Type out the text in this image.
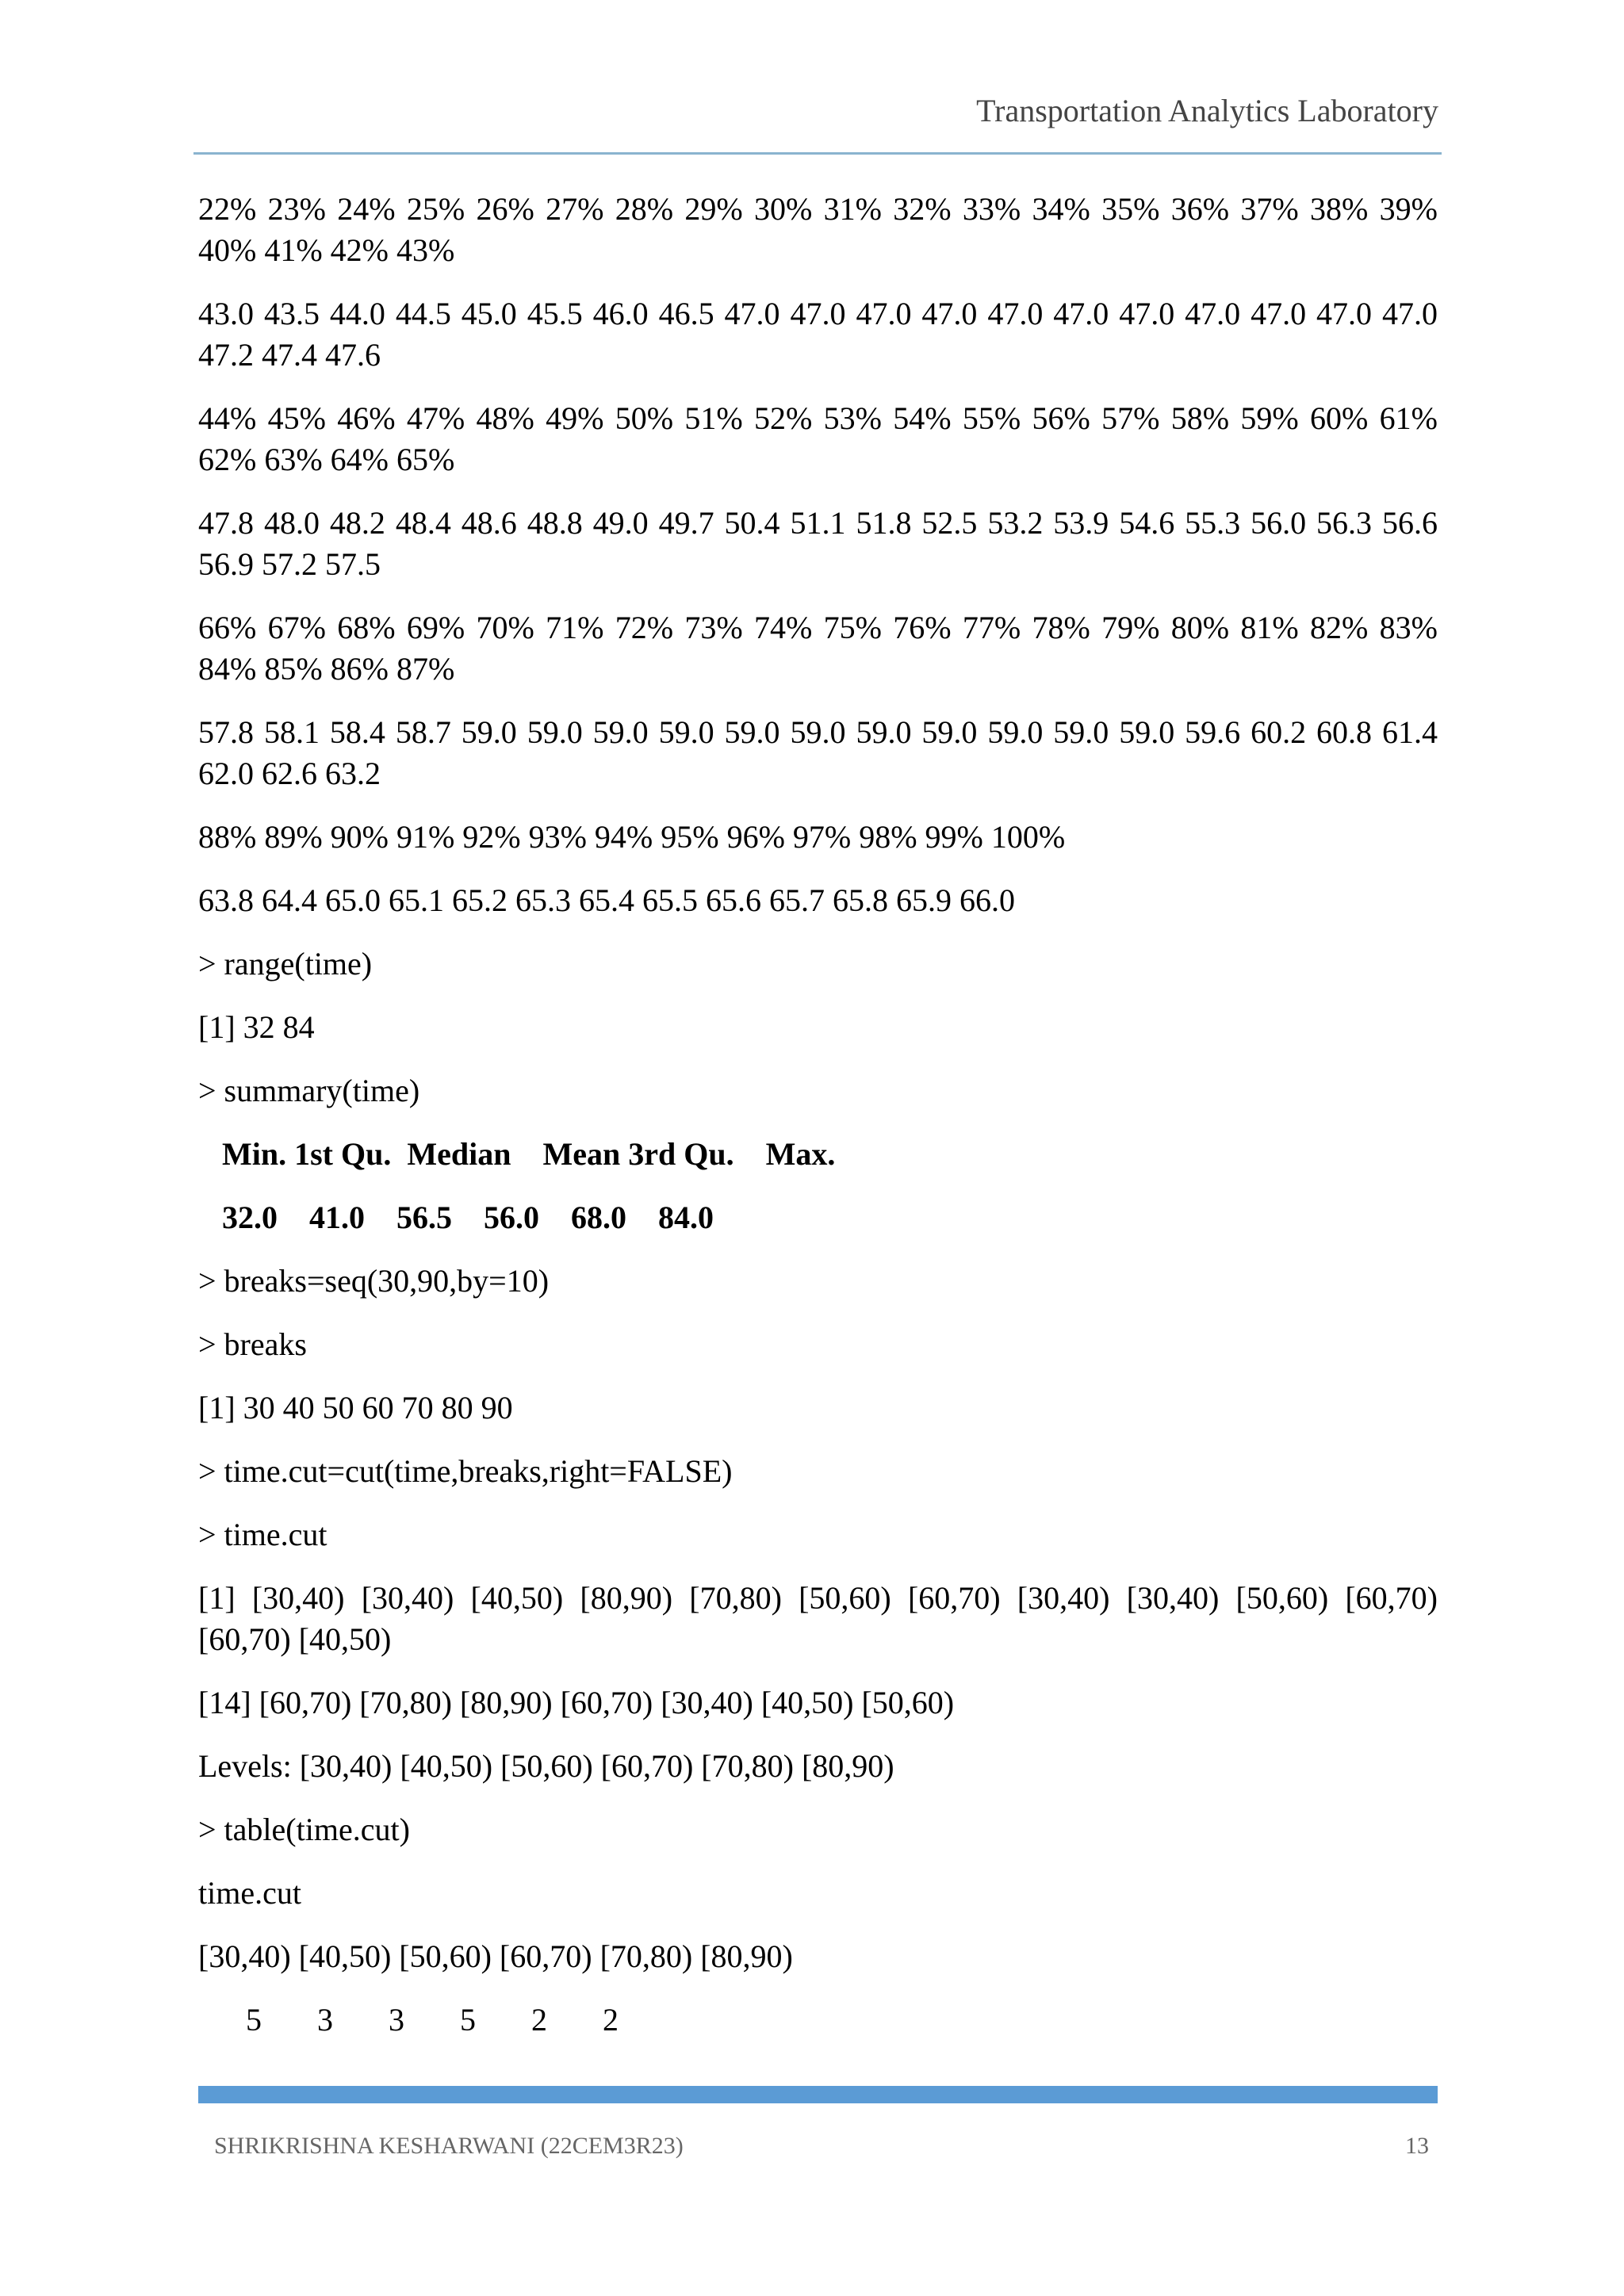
Transportation Analytics Laboratory
22% 23% 24% 25% 26% 27% 28% 29% 30% 31% 32% 33% 34% 35% 36% 37% 38% 39% 40% 41% 42% 43%
43.0 43.5 44.0 44.5 45.0 45.5 46.0 46.5 47.0 47.0 47.0 47.0 47.0 47.0 47.0 47.0 47.0 47.0 47.0 47.2 47.4 47.6
44% 45% 46% 47% 48% 49% 50% 51% 52% 53% 54% 55% 56% 57% 58% 59% 60% 61% 62% 63% 64% 65%
47.8 48.0 48.2 48.4 48.6 48.8 49.0 49.7 50.4 51.1 51.8 52.5 53.2 53.9 54.6 55.3 56.0 56.3 56.6 56.9 57.2 57.5
66% 67% 68% 69% 70% 71% 72% 73% 74% 75% 76% 77% 78% 79% 80% 81% 82% 83% 84% 85% 86% 87%
57.8 58.1 58.4 58.7 59.0 59.0 59.0 59.0 59.0 59.0 59.0 59.0 59.0 59.0 59.0 59.6 60.2 60.8 61.4 62.0 62.6 63.2
88% 89% 90% 91% 92% 93% 94% 95% 96% 97% 98% 99% 100%
63.8 64.4 65.0 65.1 65.2 65.3 65.4 65.5 65.6 65.7 65.8 65.9 66.0
> range(time)
[1] 32 84
> summary(time)
Min. 1st Qu.  Median    Mean 3rd Qu.    Max.
32.0    41.0    56.5    56.0    68.0    84.0
> breaks=seq(30,90,by=10)
> breaks
[1] 30 40 50 60 70 80 90
> time.cut=cut(time,breaks,right=FALSE)
> time.cut
[1] [30,40) [30,40) [40,50) [80,90) [70,80) [50,60) [60,70) [30,40) [30,40) [50,60) [60,70) [60,70) [40,50)
[14] [60,70) [70,80) [80,90) [60,70) [30,40) [40,50) [50,60)
Levels: [30,40) [40,50) [50,60) [60,70) [70,80) [80,90)
> table(time.cut)
time.cut
[30,40) [40,50) [50,60) [60,70) [70,80) [80,90)
5       3       3       5       2       2
SHRIKRISHNA KESHARWANI (22CEM3R23)	13
